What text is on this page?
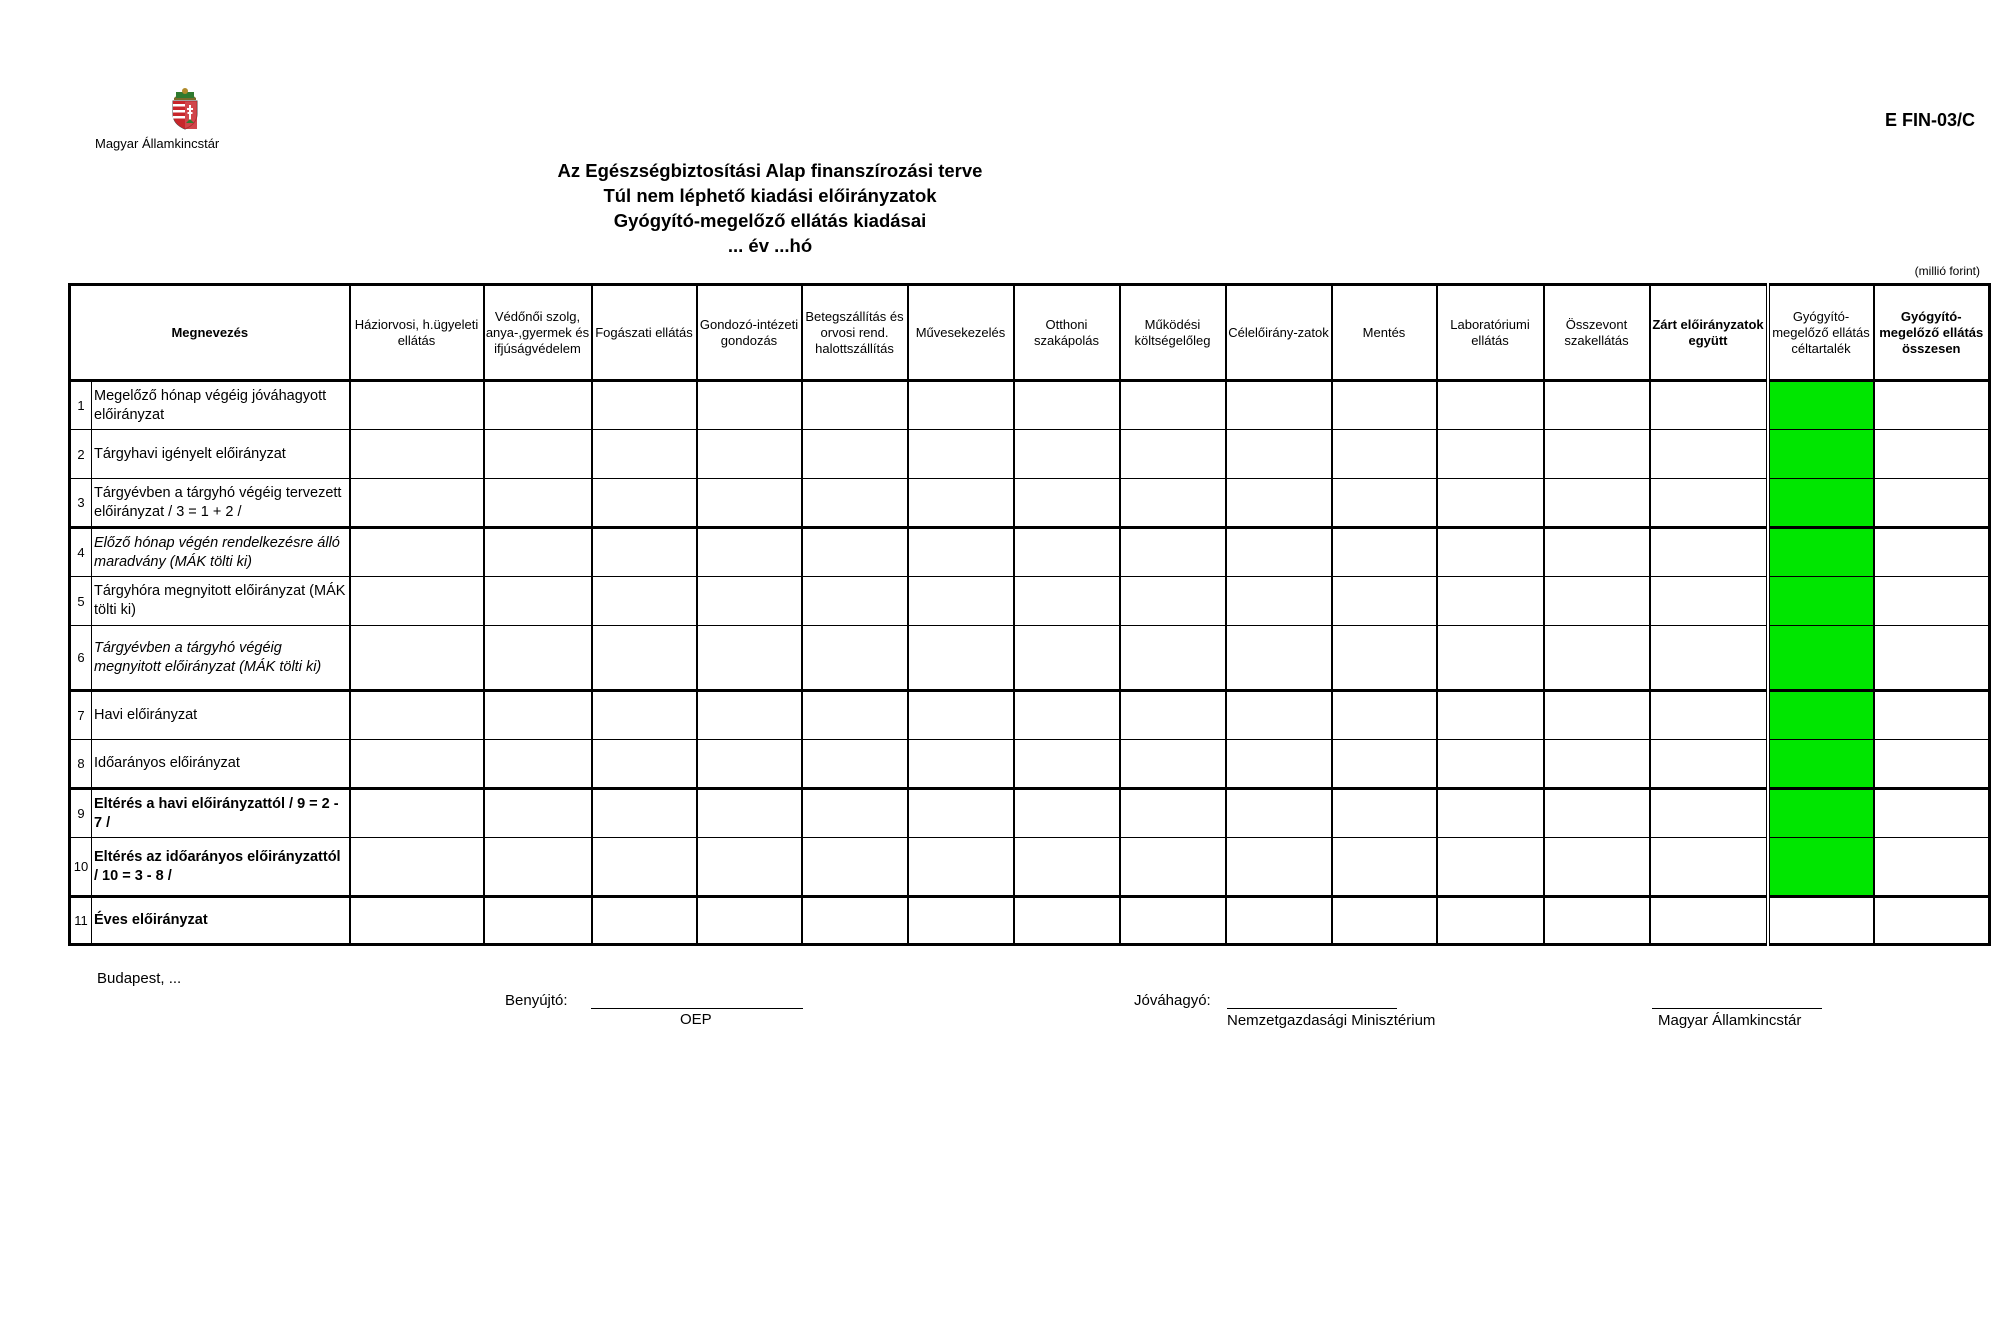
Magyar Államkincstár
E FIN-03/C
Az Egészségbiztosítási Alap finanszírozási terve
Túl nem léphető kiadási előirányzatok
Gyógyító-megelőző ellátás kiadásai
... év ...hó
(millió forint)
Megnevezés		Háziorvosi, h.ügyeleti ellátás	Védőnői szolg, anya-,gyermek és ifjúságvédelem	Fogászati ellátás	Gondozó-intézeti gondozás	Betegszállítás és orvosi rend. halottszállítás	Művesekezelés	Otthoni szakápolás	Működési költségelőleg	Célelőirány-zatok	Mentés	Laboratóriumi ellátás	Összevont szakellátás	Zárt előirányzatok együtt	Gyógyító-megelőző ellátás céltartalék	Gyógyító-megelőző ellátás összesen
1	Megelőző hónap végéig jóváhagyott előirányzat															
2	Tárgyhavi igényelt előirányzat															
3	Tárgyévben a tárgyhó végéig tervezett előirányzat / 3 = 1 + 2 /															
4	Előző hónap végén rendelkezésre álló maradvány (MÁK tölti ki)															
5	Tárgyhóra megnyitott előirányzat (MÁK tölti ki)															
6	Tárgyévben a tárgyhó végéig megnyitott előirányzat (MÁK tölti ki)															
7	Havi előirányzat															
8	Időarányos előirányzat															
9	Eltérés a havi előirányzattól / 9 = 2 - 7 /															
10	Eltérés az időarányos előirányzattól / 10 = 3 - 8 /															
11	Éves előirányzat															
Budapest, ...
Benyújtó:
OEP
Jóváhagyó:
Nemzetgazdasági Minisztérium	Magyar Államkincstár
